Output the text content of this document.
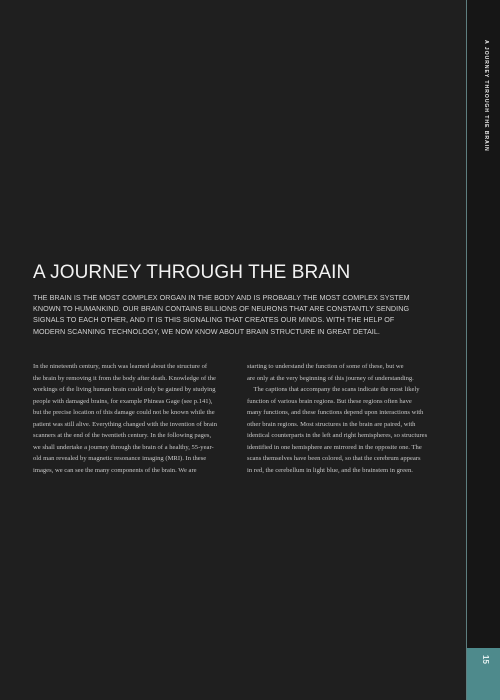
A JOURNEY THROUGH THE BRAIN
15
A JOURNEY THROUGH THE BRAIN

THE BRAIN IS THE MOST COMPLEX ORGAN IN THE BODY AND IS PROBABLY THE MOST COMPLEX SYSTEM
KNOWN TO HUMANKIND. OUR BRAIN CONTAINS BILLIONS OF NEURONS THAT ARE CONSTANTLY SENDING
SIGNALS TO EACH OTHER, AND IT IS THIS SIGNALING THAT CREATES OUR MINDS. WITH THE HELP OF
MODERN SCANNING TECHNOLOGY, WE NOW KNOW ABOUT BRAIN STRUCTURE IN GREAT DETAIL.

In the nineteenth century, much was learned about the structure of
the brain by removing it from the body after death. Knowledge of the
workings of the living human brain could only be gained by studying
people with damaged brains, for example Phineas Gage (see p.141),
but the precise location of this damage could not be known while the
patient was still alive. Everything changed with the invention of brain
scanners at the end of the twentieth century. In the following pages,
we shall undertake a journey through the brain of a healthy, 55-year-
old man revealed by magnetic resonance imaging (MRI). In these
images, we can see the many components of the brain. We are

starting to understand the function of some of these, but we
are only at the very beginning of this journey of understanding.
The captions that accompany the scans indicate the most likely
function of various brain regions. But these regions often have
many functions, and these functions depend upon interactions with
other brain regions. Most structures in the brain are paired, with
identical counterparts in the left and right hemispheres, so structures
identified in one hemisphere are mirrored in the opposite one. The
scans themselves have been colored, so that the cerebrum appears
in red, the cerebellum in light blue, and the brainstem in green.
